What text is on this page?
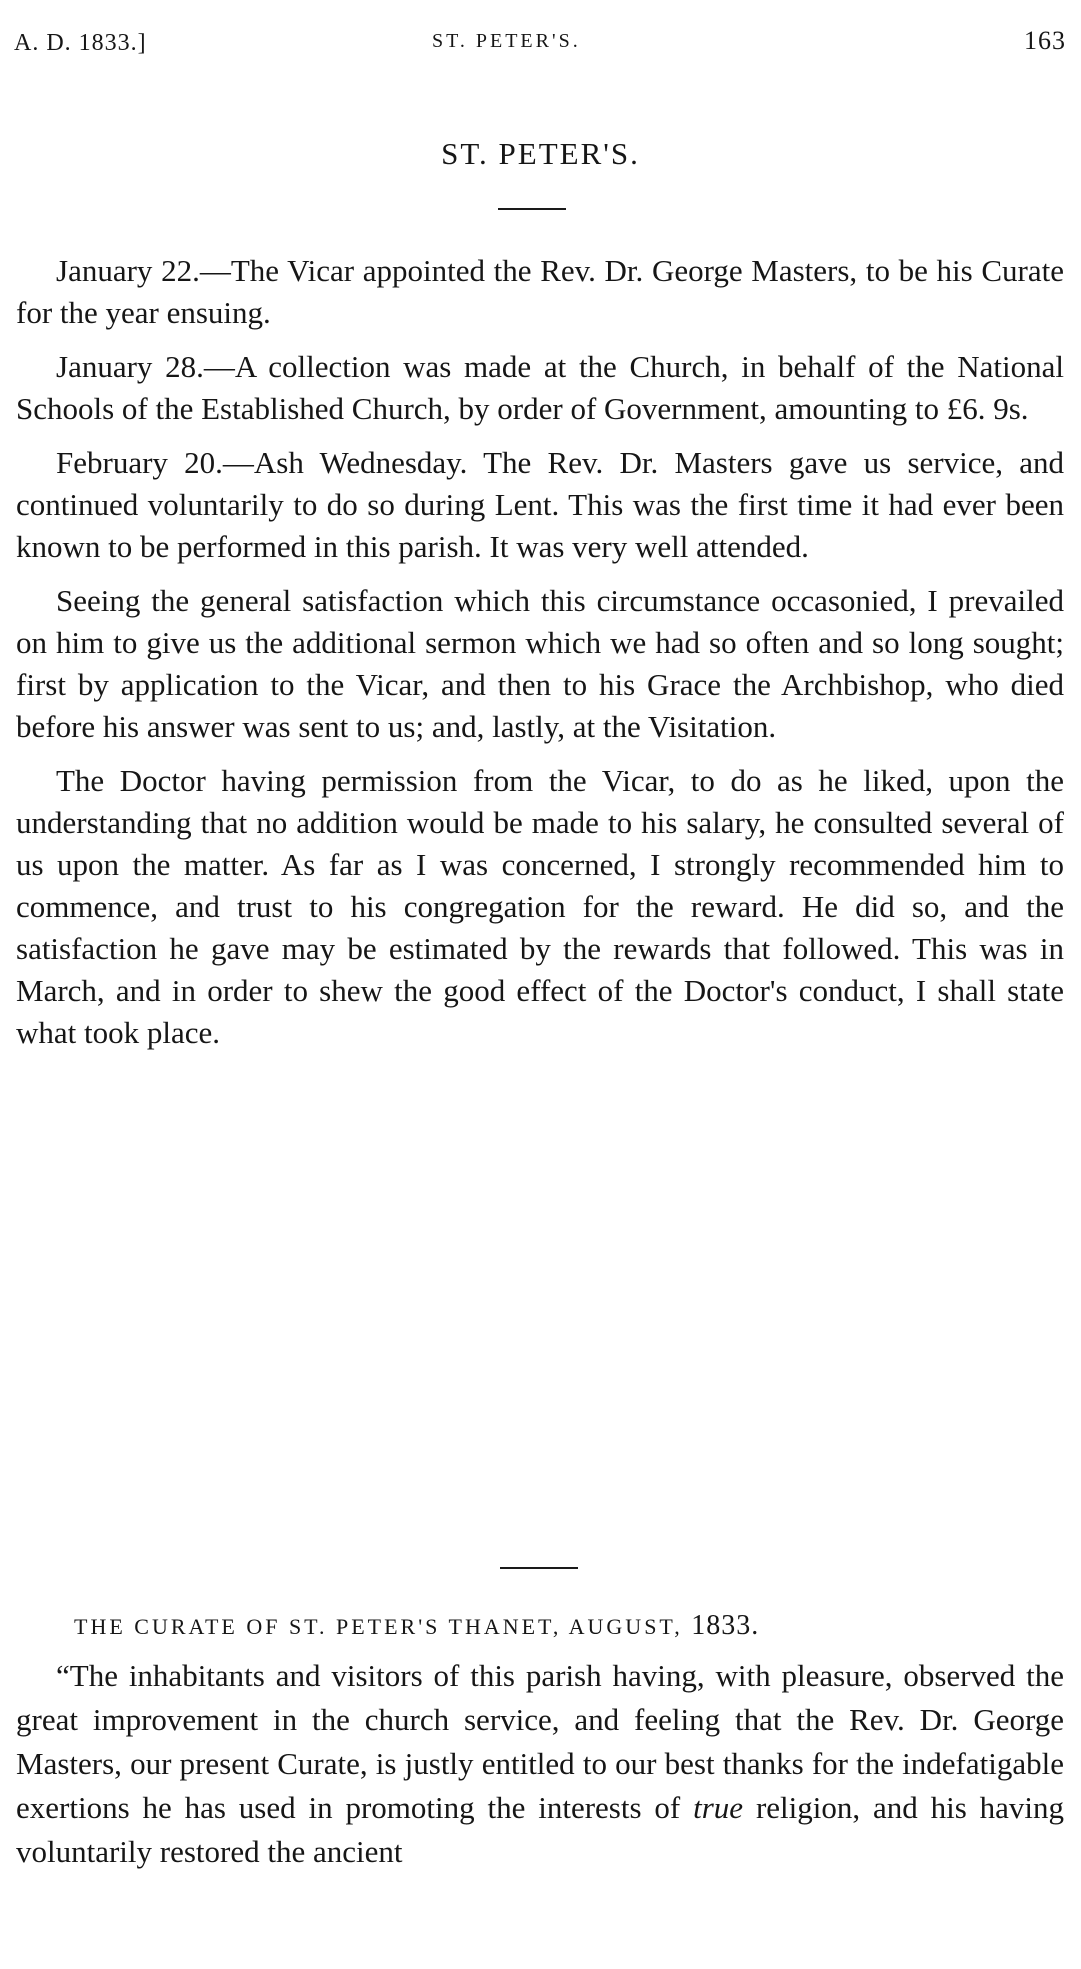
A. D. 1833.]	ST. PETER'S.	163
ST. PETER'S.

January 22.—The Vicar appointed the Rev. Dr. George Masters, to be his Curate for the year ensuing.

January 28.—A collection was made at the Church, in behalf of the National Schools of the Established Church, by order of Government, amounting to £6. 9s.

February 20.—Ash Wednesday. The Rev. Dr. Masters gave us service, and continued voluntarily to do so during Lent. This was the first time it had ever been known to be performed in this parish. It was very well attended.

Seeing the general satisfaction which this circumstance occasonied, I prevailed on him to give us the additional sermon which we had so often and so long sought; first by application to the Vicar, and then to his Grace the Archbishop, who died before his answer was sent to us; and, lastly, at the Visitation.

The Doctor having permission from the Vicar, to do as he liked, upon the understanding that no addition would be made to his salary, he consulted several of us upon the matter. As far as I was concerned, I strongly recommended him to commence, and trust to his congregation for the reward. He did so, and the satisfaction he gave may be estimated by the rewards that followed. This was in March, and in order to shew the good effect of the Doctor's conduct, I shall state what took place.

THE CURATE OF ST. PETER'S THANET, AUGUST, 1833.

“The inhabitants and visitors of this parish having, with pleasure, observed the great improvement in the church service, and feeling that the Rev. Dr. George Masters, our present Curate, is justly entitled to our best thanks for the indefatigable exertions he has used in promoting the interests of true religion, and his having voluntarily restored the ancient
